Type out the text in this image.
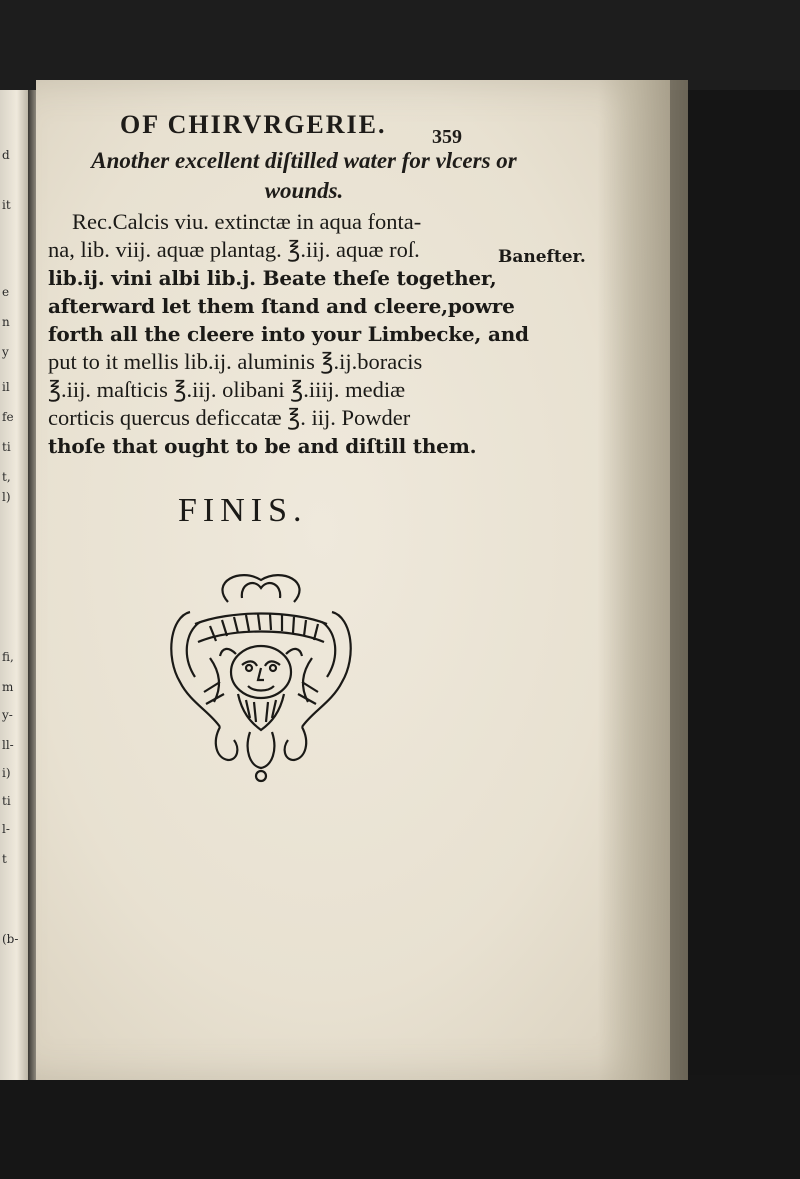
d
it
e
n
y
il
fe
ti
t,
l)
fi,
m
y-
ll-
i)
ti
l-
t
(b-
OF CHIRVRGERIE.	359
Another excellent diſtilled water for vlcers or wounds.
Rec.Calcis viu. extinctæ in aqua fonta-
na, lib. viij. aquæ plantag. ℥.iij. aquæ roſ.
lib.ij. vini albi lib.j. Beate theſe together,
afterward let them ſtand and cleere,powre
forth all the cleere into your Limbecke, and
put to it mellis lib.ij. aluminis ℥.ij.boracis
℥.iij. maſticis ℥.iij. olibani ℥.iiij. mediæ
corticis quercus deficcatæ ℥. iij. Powder
thoſe that ought to be and diſtill them.
Banefter.
FINIS.
